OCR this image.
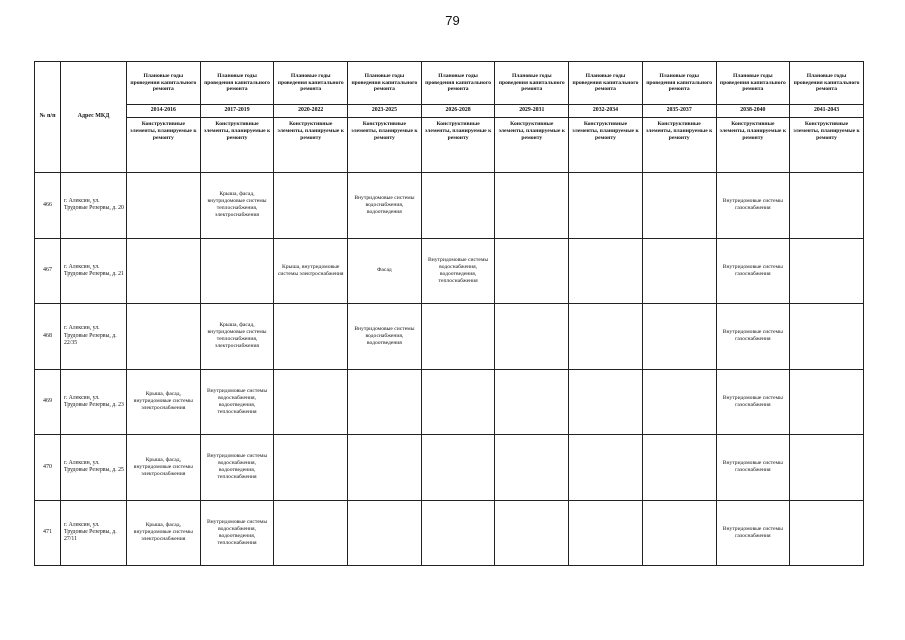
79
№ п/п	Адрес МКД	Плановые годы проведения капитального ремонта	Плановые годы проведения капитального ремонта	Плановые годы проведения капитального ремонта	Плановые годы проведения капитального ремонта	Плановые годы проведения капитального ремонта	Плановые годы проведения капитального ремонта	Плановые годы проведения капитального ремонта	Плановые годы проведения капитального ремонта	Плановые годы проведения капитального ремонта	Плановые годы проведения капитального ремонта
		2014-2016	2017-2019	2020-2022	2023-2025	2026-2028	2029-2031	2032-2034	2035-2037	2038-2040	2041-2043
		Конструктивные элементы, планируемые к ремонту	Конструктивные элементы, планируемые к ремонту	Конструктивные элементы, планируемые к ремонту	Конструктивные элементы, планируемые к ремонту	Конструктивные элементы, планируемые к ремонту	Конструктивные элементы, планируемые к ремонту	Конструктивные элементы, планируемые к ремонту	Конструктивные элементы, планируемые к ремонту	Конструктивные элементы, планируемые к ремонту	Конструктивные элементы, планируемые к ремонту
466	г. Алексин, ул. Трудовые Резервы, д. 20		Крыша, фасад, внутридомовые системы теплоснабжения, электроснабжения		Внутридомовые системы водоснабжения, водоотведения					Внутридомовые системы газоснабжения	
467	г. Алексин, ул. Трудовые Резервы, д. 21			Крыша, внутридомовые системы электроснабжения	Фасад	Внутридомовые системы водоснабжения, водоотведения, теплоснабжения				Внутридомовые системы газоснабжения	
468	г. Алексин, ул. Трудовые Резервы, д. 22/35		Крыша, фасад, внутридомовые системы теплоснабжения, электроснабжения		Внутридомовые системы водоснабжения, водоотведения					Внутридомовые системы газоснабжения	
469	г. Алексин, ул. Трудовые Резервы, д. 23	Крыша, фасад, внутридомовые системы электроснабжения	Внутридомовые системы водоснабжения, водоотведения, теплоснабжения							Внутридомовые системы газоснабжения	
470	г. Алексин, ул. Трудовые Резервы, д. 25	Крыша, фасад, внутридомовые системы электроснабжения	Внутридомовые системы водоснабжения, водоотведения, теплоснабжения							Внутридомовые системы газоснабжения	
471	г. Алексин, ул. Трудовые Резервы, д. 27/11	Крыша, фасад, внутридомовые системы электроснабжения	Внутридомовые системы водоснабжения, водоотведения, теплоснабжения							Внутридомовые системы газоснабжения	
